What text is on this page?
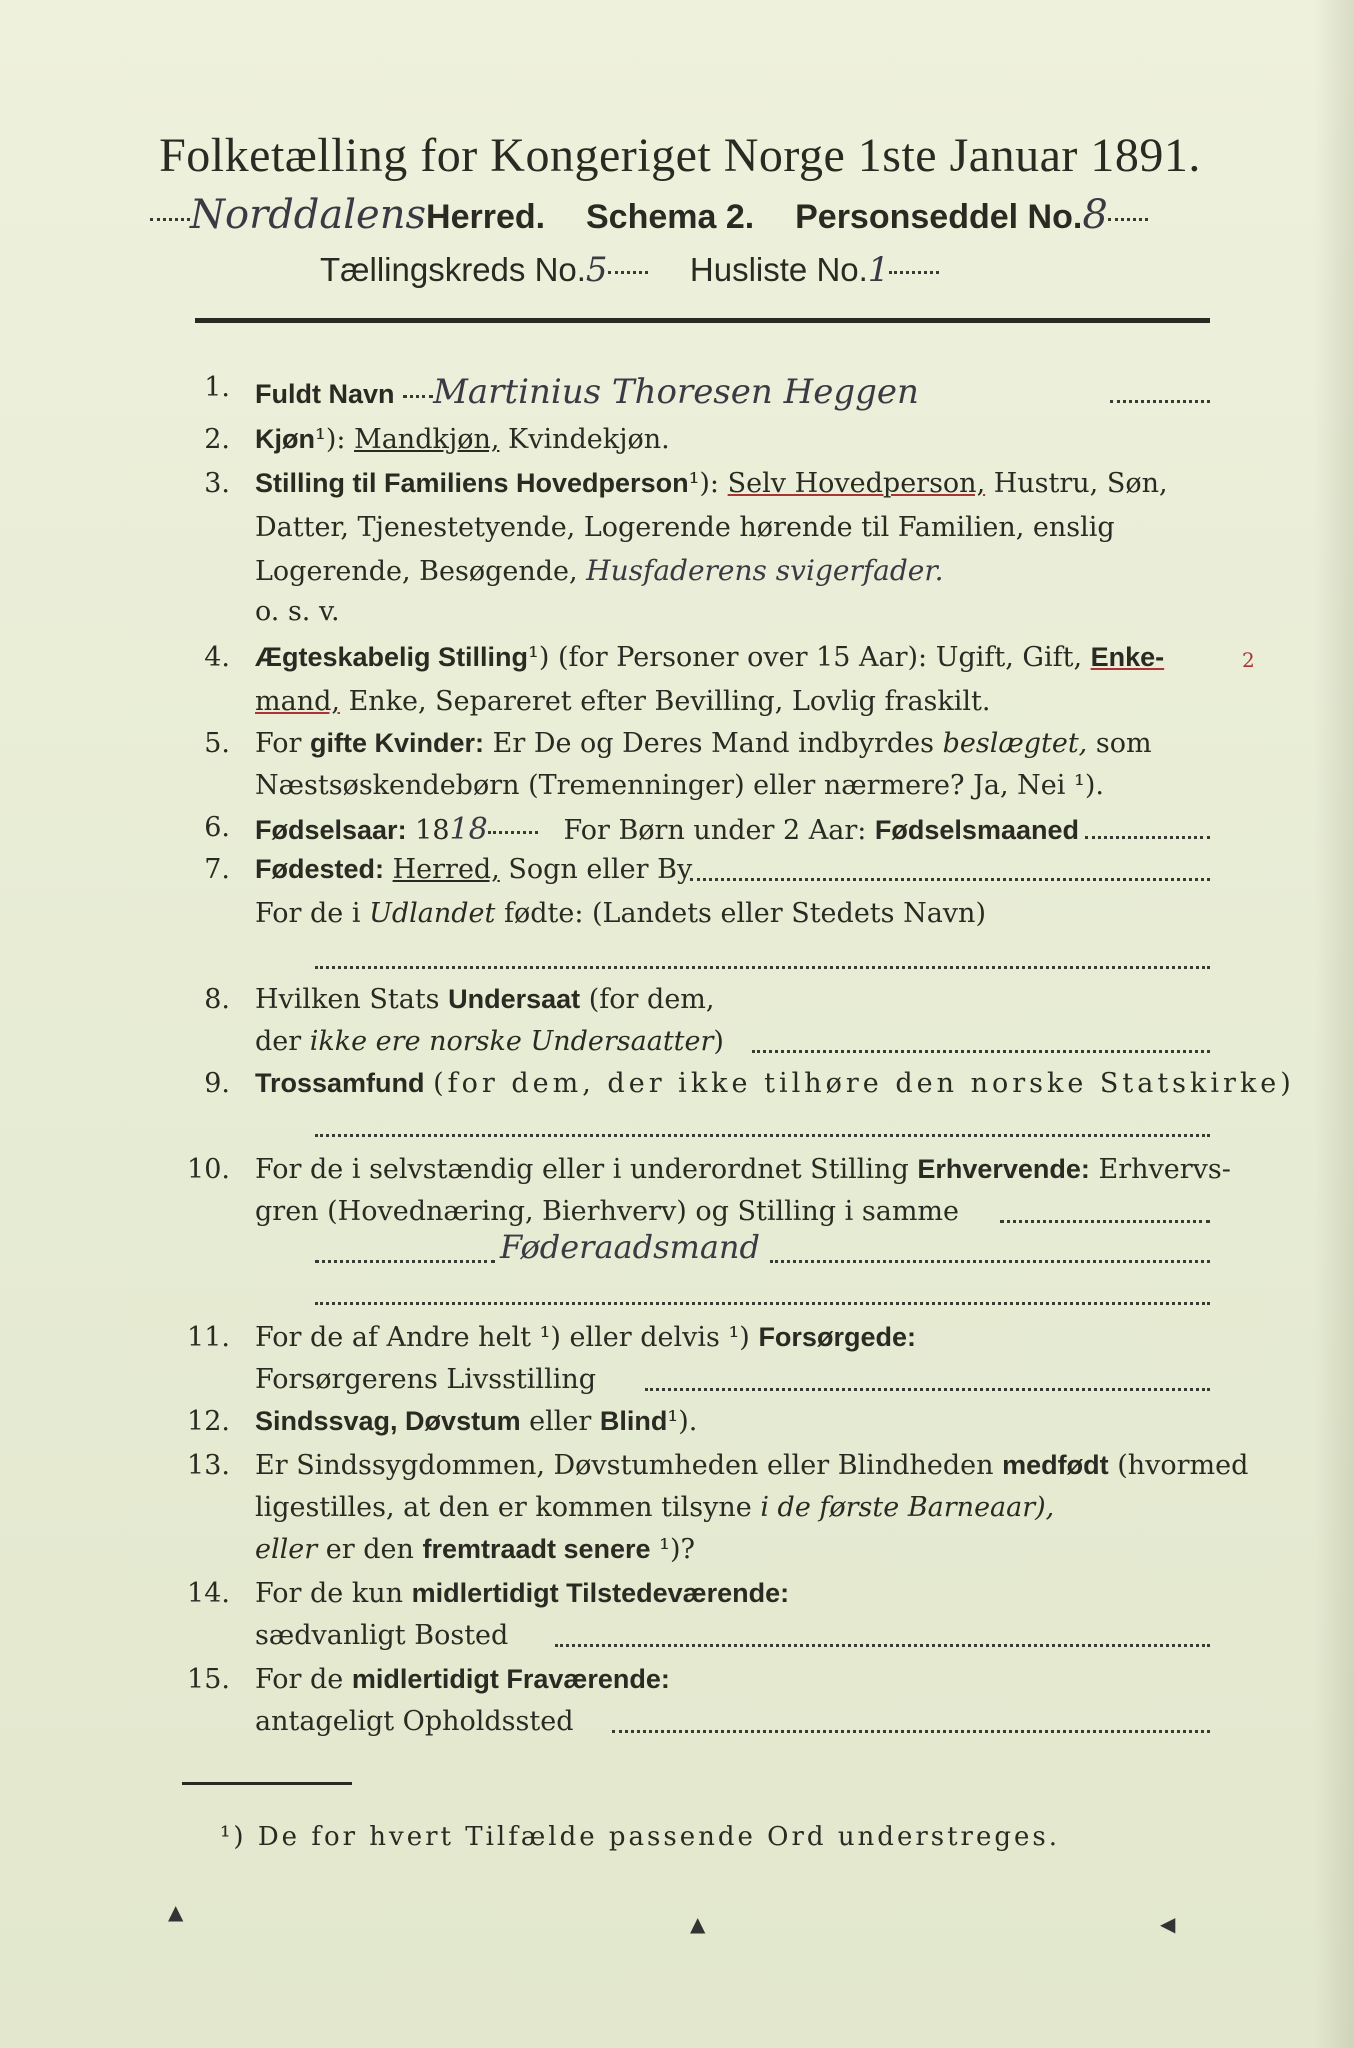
Folketælling for Kongeriget Norge 1ste Januar 1891.
NorddalensHerred. Schema 2. Personseddel No.8
Tællingskreds No.5 Husliste No.1
1. Fuldt Navn Martinius Thoresen Heggen
2. Kjøn¹): Mandkjøn, Kvindekjøn.
3. Stilling til Familiens Hovedperson¹): Selv Hovedperson, Hustru, Søn,
Datter, Tjenestetyende, Logerende hørende til Familien, enslig
Logerende, Besøgende, Husfaderens svigerfader.
o. s. v.
4. Ægteskabelig Stilling¹) (for Personer over 15 Aar): Ugift, Gift, Enke-	2
mand, Enke, Separeret efter Bevilling, Lovlig fraskilt.
5. For gifte Kvinder: Er De og Deres Mand indbyrdes beslægtet, som
Næstsøskendebørn (Tremenninger) eller nærmere? Ja, Nei ¹).
6. Fødselsaar: 1818	For Børn under 2 Aar: Fødselsmaaned
7. Fødested: Herred, Sogn eller By
For de i Udlandet fødte: (Landets eller Stedets Navn)
8. Hvilken Stats Undersaat (for dem,
der ikke ere norske Undersaatter)
9. Trossamfund (for dem, der ikke tilhøre den norske Statskirke)
10. For de i selvstændig eller i underordnet Stilling Erhvervende: Erhvervs-
gren (Hovednæring, Bierhverv) og Stilling i samme
Føderaadsmand
11. For de af Andre helt ¹) eller delvis ¹) Forsørgede:
Forsørgerens Livsstilling
12. Sindssvag, Døvstum eller Blind¹).
13. Er Sindssygdommen, Døvstumheden eller Blindheden medfødt (hvormed
ligestilles, at den er kommen tilsyne i de første Barneaar),
eller er den fremtraadt senere ¹)?
14. For de kun midlertidigt Tilstedeværende:
sædvanligt Bosted
15. For de midlertidigt Fraværende:
antageligt Opholdssted
¹) De for hvert Tilfælde passende Ord understreges.
▲	▲	◀
